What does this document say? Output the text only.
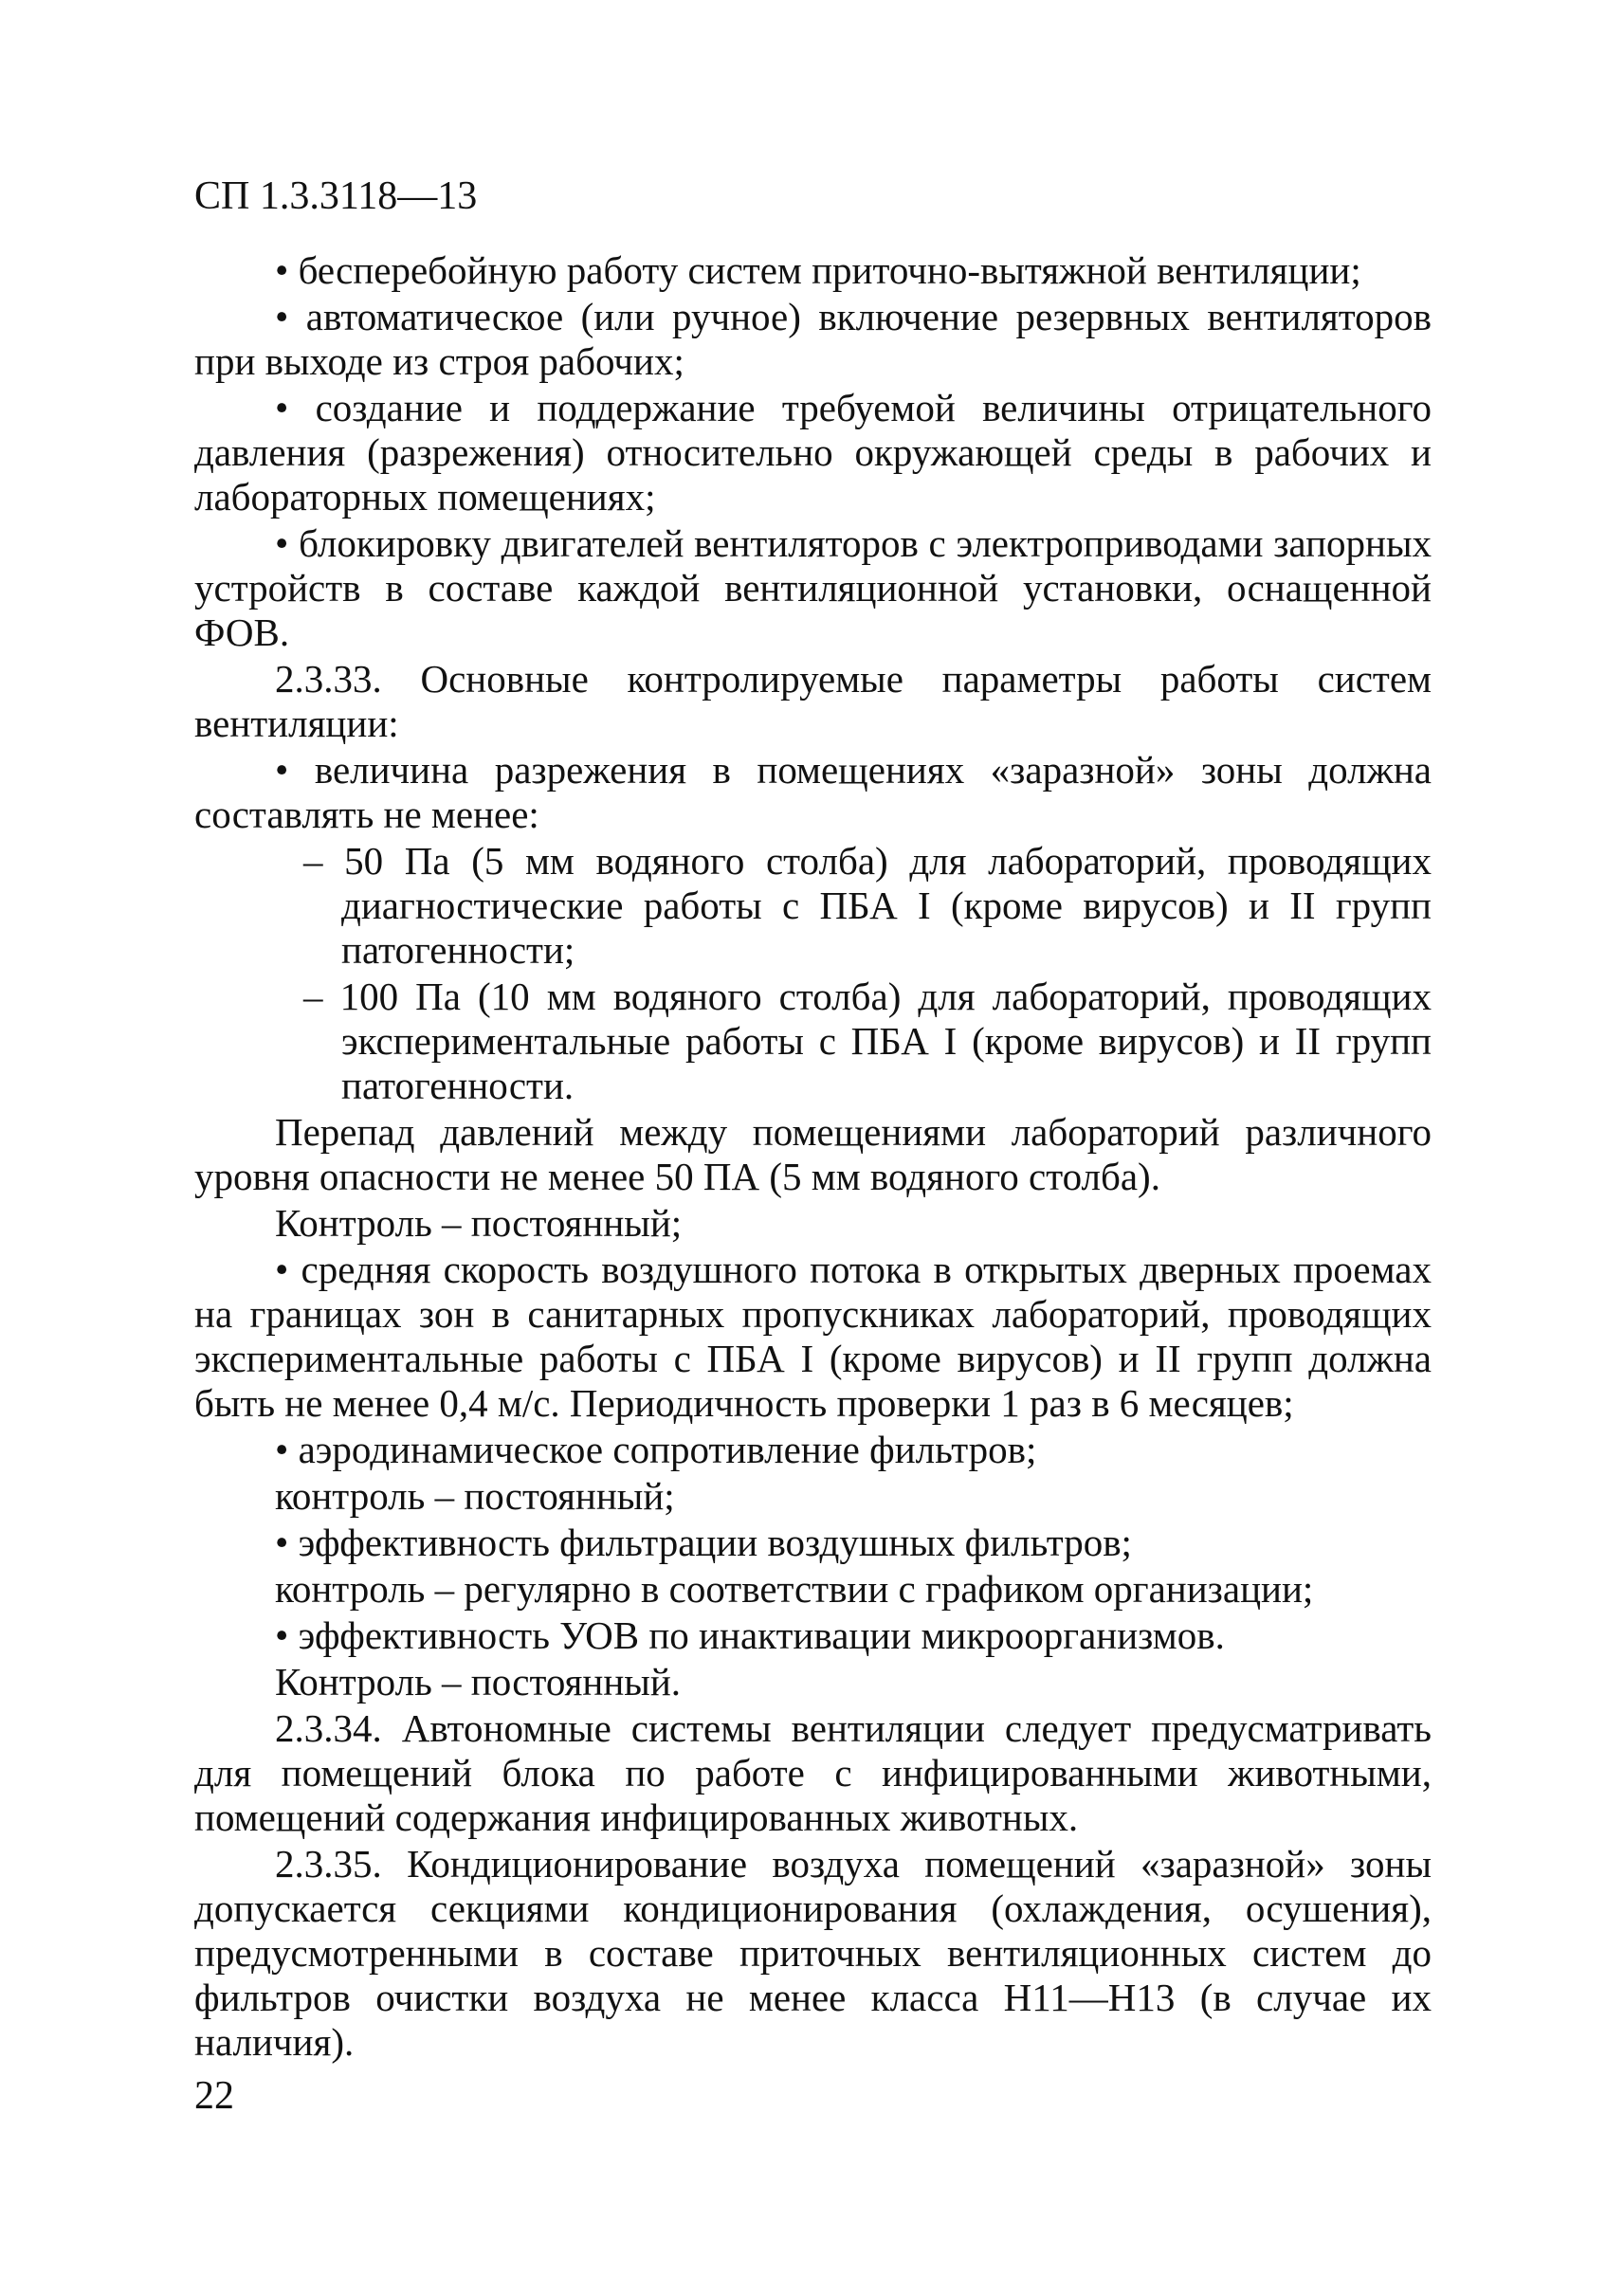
СП 1.3.3118—13

• бесперебойную работу систем приточно-вытяжной вентиляции;

• автоматическое (или ручное) включение резервных вентиляторов при выходе из строя рабочих;

• создание и поддержание требуемой величины отрицательного давления (разрежения) относительно окружающей среды в рабочих и лабораторных помещениях;

• блокировку двигателей вентиляторов с электроприводами запорных устройств в составе каждой вентиляционной установки, оснащенной ФОВ.

2.3.33. Основные контролируемые параметры работы систем вентиляции:

• величина разрежения в помещениях «заразной» зоны должна составлять не менее:

– 50 Па (5 мм водяного столба) для лабораторий, проводящих диагностические работы с ПБА I (кроме вирусов) и II групп патогенности;

– 100 Па (10 мм водяного столба) для лабораторий, проводящих экспериментальные работы с ПБА I (кроме вирусов) и II групп патогенности.

Перепад давлений между помещениями лабораторий различного уровня опасности не менее 50 ПА (5 мм водяного столба).

Контроль – постоянный;

• средняя скорость воздушного потока в открытых дверных проемах на границах зон в санитарных пропускниках лабораторий, проводящих экспериментальные работы с ПБА I (кроме вирусов) и II групп должна быть не менее 0,4 м/с. Периодичность проверки 1 раз в 6 месяцев;

• аэродинамическое сопротивление фильтров;

контроль – постоянный;

• эффективность фильтрации воздушных фильтров;

контроль – регулярно в соответствии с графиком организации;

• эффективность УОВ по инактивации микроорганизмов.

Контроль – постоянный.

2.3.34. Автономные системы вентиляции следует предусматривать для помещений блока по работе с инфицированными животными, помещений содержания инфицированных животных.

2.3.35. Кондиционирование воздуха помещений «заразной» зоны допускается секциями кондиционирования (охлаждения, осушения), предусмотренными в составе приточных вентиляционных систем до фильтров очистки воздуха не менее класса Н11—Н13 (в случае их наличия).

22
